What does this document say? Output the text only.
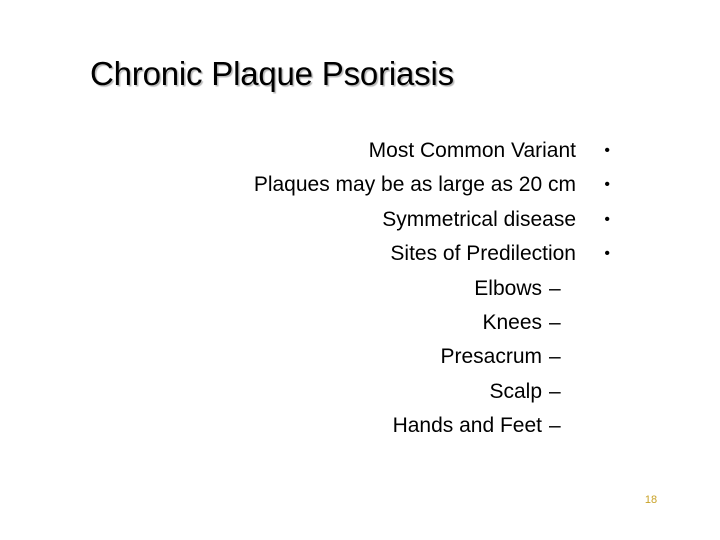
Chronic Plaque Psoriasis
Most Common Variant •
Plaques may be as large as 20 cm •
Symmetrical disease •
Sites of Predilection •
Elbows –
Knees –
Presacrum –
Scalp –
Hands and Feet –
18
